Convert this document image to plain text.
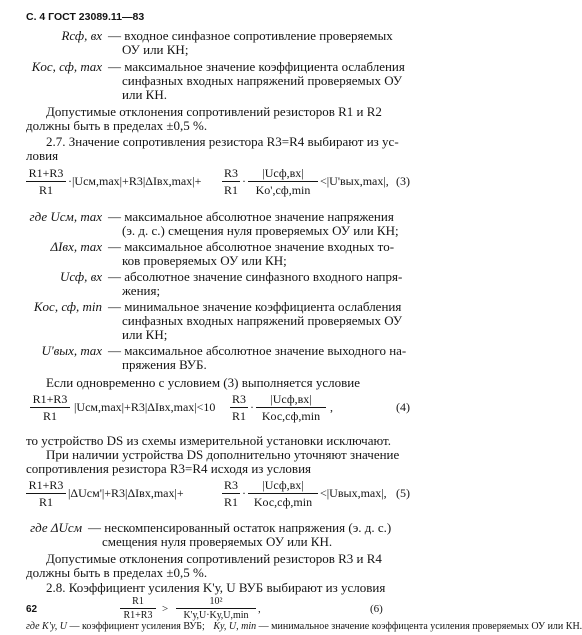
С. 4 ГОСТ 23089.11—83
Rсф, вх — входное синфазное сопротивление проверяемых
ОУ или КН;
Kос, сф, max — максимальное значение коэффициента ослабления
синфазных входных напряжений проверяемых ОУ
или КН.
Допустимые отклонения сопротивлений резисторов R1 и R2
должны быть в пределах ±0,5 %.
2.7. Значение сопротивления резистора R3=R4 выбирают из ус-
ловия
R1+R3
R1
·|Uсм,max|+R3|ΔIвх,max|+
R3
R1
·
|Uсф,вх|
Kо',сф,min
<|U'вых,max|, (3)
где Uсм, max — максимальное абсолютное значение напряжения
(э. д. с.) смещения нуля проверяемых ОУ или КН;
ΔIвх, max — максимальное абсолютное значение входных то-
ков проверяемых ОУ или КН;
Uсф, вх — абсолютное значение синфазного входного напря-
жения;
Kос, сф, min — минимальное значение коэффициента ослабления
синфазных входных напряжений проверяемых ОУ
или КН;
U'вых, max — максимальное абсолютное значение выходного на-
пряжения ВУБ.
Если одновременно с условием (3) выполняется условие
R1+R3
R1
|Uсм,max|+R3|ΔIвх,max|<10
R3
R1
·
|Uсф,вх|
Kос,сф,min
,	(4)
то устройство DS из схемы измерительной установки исключают.
При наличии устройства DS дополнительно уточняют значение
сопротивления резистора R3=R4 исходя из условия
R1+R3
R1
|ΔUсм'|+R3|ΔIвх,max|+
R3
R1
·
|Uсф,вх|
Kос,сф,min
<|Uвых,max|, (5)
где ΔUсм — нескомпенсированный остаток напряжения (э. д. с.)
смещения нуля проверяемых ОУ или КН.
Допустимые отклонения сопротивлений резисторов R3 и R4
должны быть в пределах ±0,5 %.
2.8. Коэффициент усиления K'у, U ВУБ выбирают из условия
R1
R1+R3
>
10²
K'у,U·Kу,U,min
,	(6)
где K'у, U — коэффициент усиления ВУБ; Kу, U, min — минимальное значение коэффицента усиления проверяемых ОУ или КН.
62
